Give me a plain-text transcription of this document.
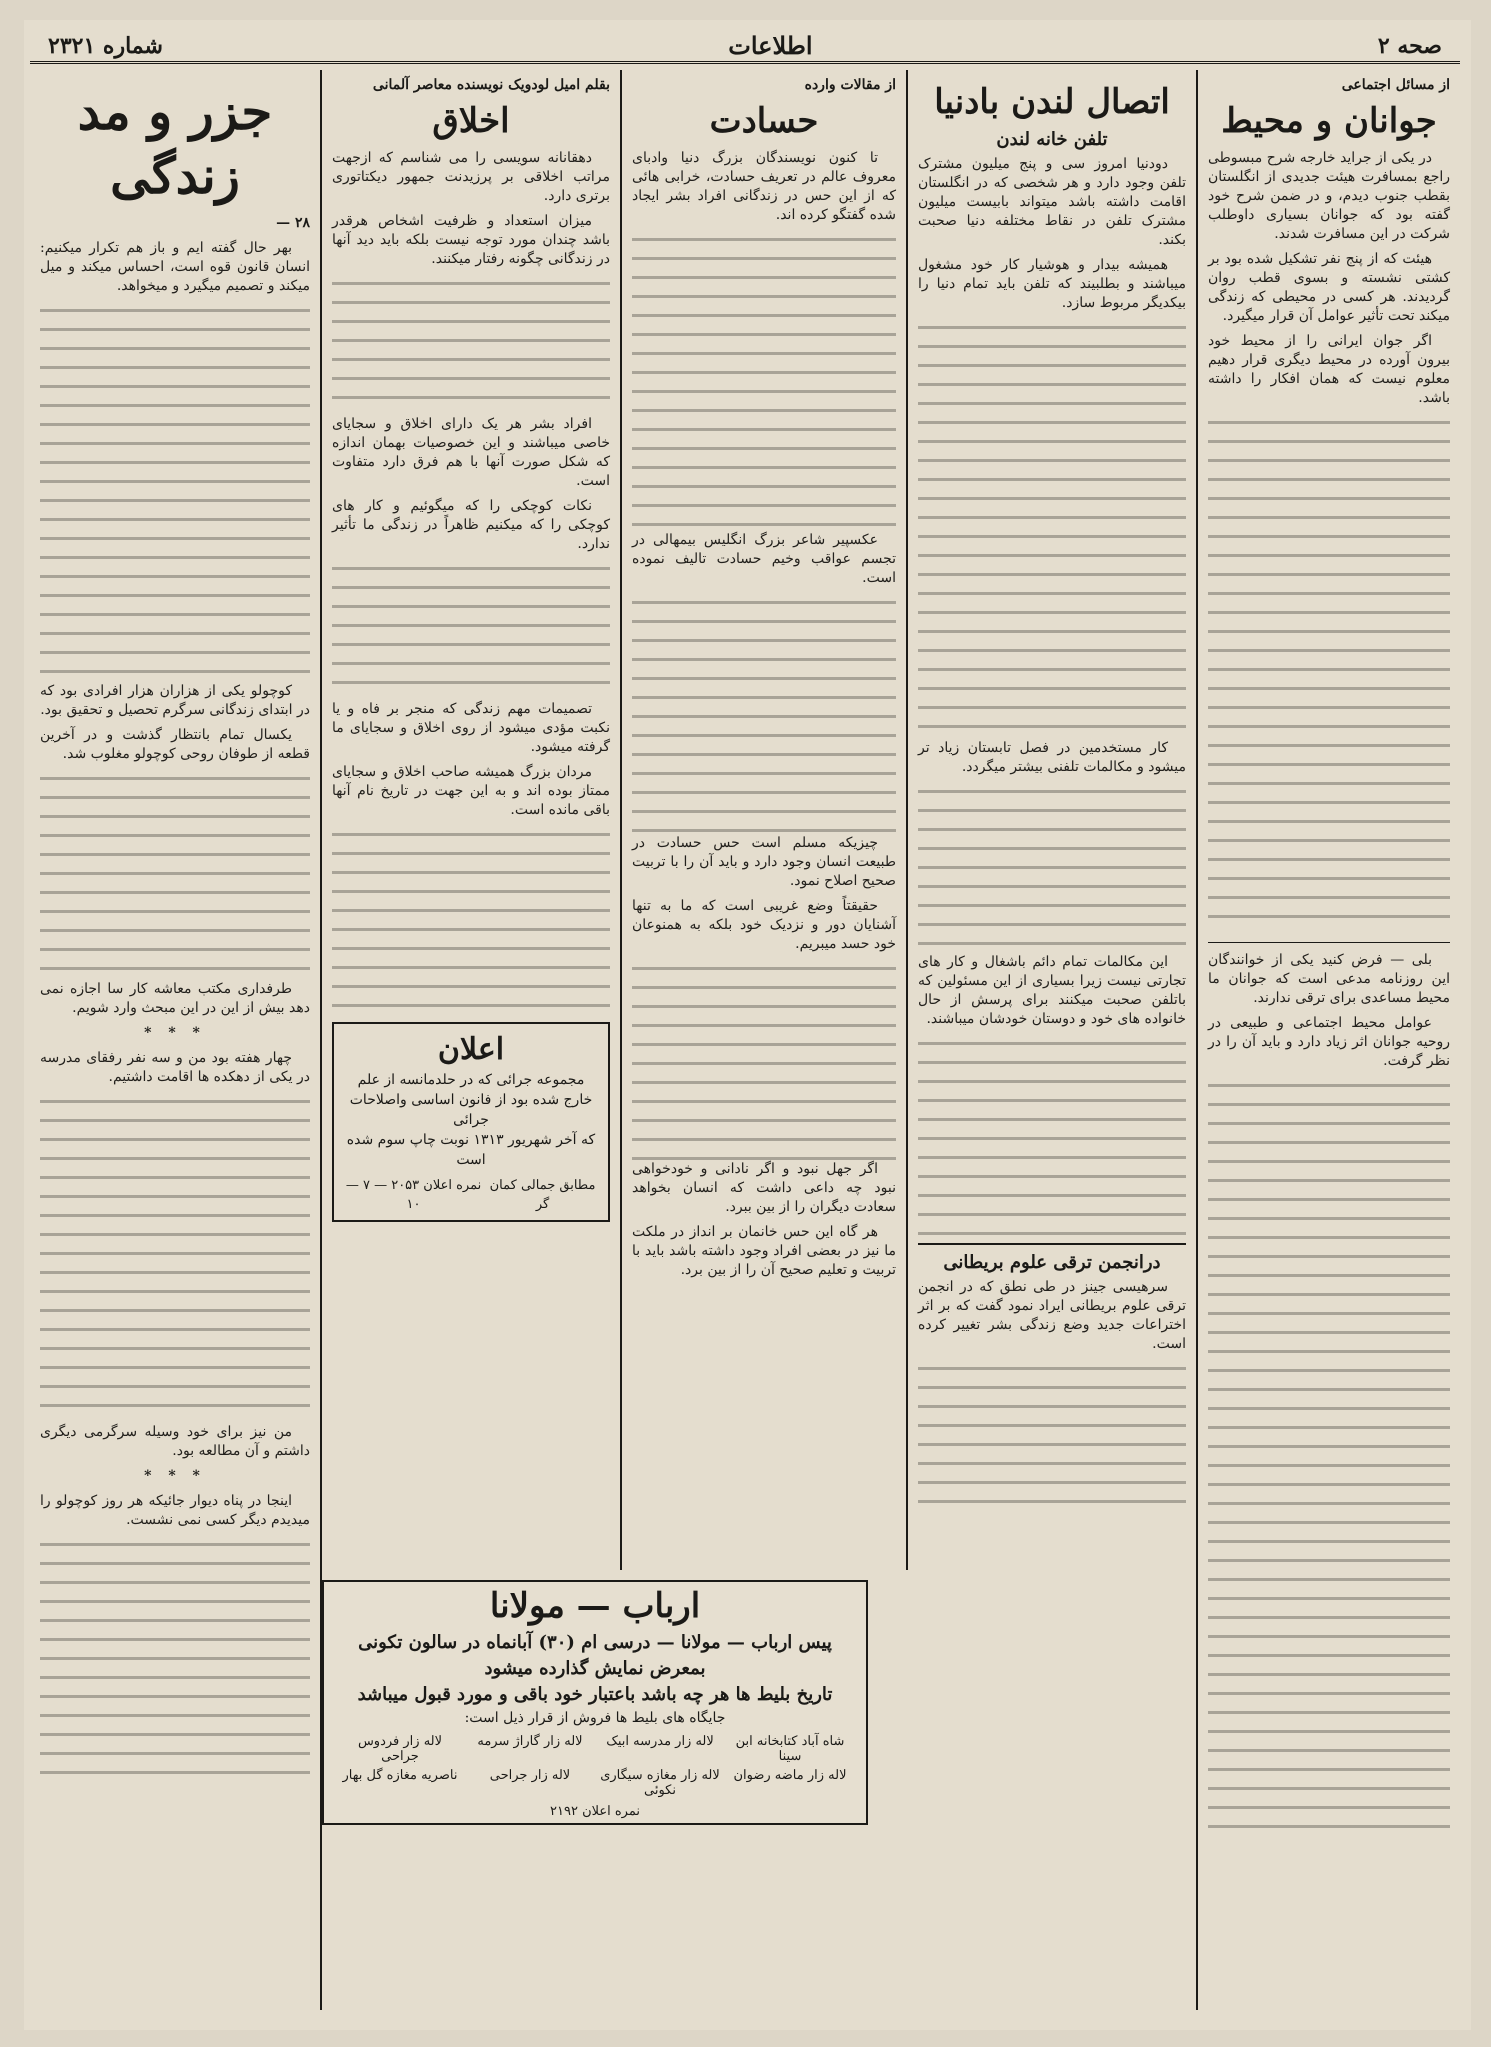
صحه ۲
اطلاعات
شماره ۲۳۲۱
از مسائل اجتماعی
جوانان و محیط

در یکی از جراید خارجه شرح مبسوطی راجع بمسافرت هیئت جدیدی از انگلستان بقطب جنوب دیدم، و در ضمن شرح خود گفته بود که جوانان بسیاری داوطلب شرکت در این مسافرت شدند.

هیئت که از پنج نفر تشکیل شده بود بر کشتی نشسته و بسوی قطب روان گردیدند. هر کسی در محیطی که زندگی میکند تحت تأثیر عوامل آن قرار میگیرد.

اگر جوان ایرانی را از محیط خود بیرون آورده در محیط دیگری قرار دهیم معلوم نیست که همان افکار را داشته باشد.

بلی — فرض کنید یکی از خوانندگان این روزنامه مدعی است که جوانان ما محیط مساعدی برای ترقی ندارند.

عوامل محیط اجتماعی و طبیعی در روحیه جوانان اثر زیاد دارد و باید آن را در نظر گرفت.

اتصال لندن بادنیا
تلفن خانه لندن

دودنیا امروز سی و پنج میلیون مشترک تلفن وجود دارد و هر شخصی که در انگلستان اقامت داشته باشد میتواند بابیست میلیون مشترک تلفن در نقاط مختلفه دنیا صحبت بکند.

همیشه بیدار و هوشیار کار خود مشغول میباشند و بطلبیند که تلفن باید تمام دنیا را بیکدیگر مربوط سازد.

کار مستخدمین در فصل تابستان زیاد تر میشود و مکالمات تلفنی بیشتر میگردد.

این مکالمات تمام دائم باشغال و کار های تجارتی نیست زیرا بسیاری از این مسئولین که باتلفن صحبت میکنند برای پرسش از حال خانواده های خود و دوستان خودشان میباشند.

درانجمن ترقی علوم بریطانی

سرهیسی جینز در طی نطق که در انجمن ترقی علوم بریطانی ایراد نمود گفت که بر اثر اختراعات جدید وضع زندگی بشر تغییر کرده است.

از مقالات وارده
حسادت

تا کنون نویسندگان بزرگ دنیا وادبای معروف عالم در تعریف حسادت، خرابی هائی که از این حس در زندگانی افراد بشر ایجاد شده گفتگو کرده اند.

عکسپیر شاعر بزرگ انگلیس بیمهالی در تجسم عواقب وخیم حسادت تالیف نموده است.

چیزیکه مسلم است حس حسادت در طبیعت انسان وجود دارد و باید آن را با تربیت صحیح اصلاح نمود.

حقیقتاً وضع غریبی است که ما به تنها آشنایان دور و نزدیک خود بلکه به همنوعان خود حسد میبریم.

اگر جهل نبود و اگر نادانی و خودخواهی نبود چه داعی داشت که انسان بخواهد سعادت دیگران را از بین ببرد.

هر گاه این حس خانمان بر انداز در ملکت ما نیز در بعضی افراد وجود داشته باشد باید با تربیت و تعلیم صحیح آن را از بین برد.

بقلم امیل لودویک نویسنده معاصر آلمانی
اخلاق

دهقانانه سویسی را می شناسم که ازجهت مراتب اخلاقی بر پرزیدنت جمهور دیکتاتوری برتری دارد.

میزان استعداد و ظرفیت اشخاص هرقدر باشد چندان مورد توجه نیست بلکه باید دید آنها در زندگانی چگونه رفتار میکنند.

افراد بشر هر یک دارای اخلاق و سجایای خاصی میباشند و این خصوصیات بهمان اندازه که شکل صورت آنها با هم فرق دارد متفاوت است.

نکات کوچکی را که میگوئیم و کار های کوچکی را که میکنیم ظاهراً در زندگی ما تأثیر ندارد.

تصمیمات مهم زندگی که منجر بر فاه و یا نکبت مؤدی میشود از روی اخلاق و سجایای ما گرفته میشود.

مردان بزرگ همیشه صاحب اخلاق و سجایای ممتاز بوده اند و به این جهت در تاریخ نام آنها باقی مانده است.

اعلان
مجموعه جرائی که در حلدمانسه از علم خارج شده بود از فانون اساسی واصلاحات جرائی
که آخر شهریور ۱۳۱۳ نوبت چاپ سوم شده است
مطابق جمالی کمان گر
نمره اعلان ۲۰۵۳ — ۷ — ۱۰
جزر و مد زندگی
۲۸ —

بهر حال گفته ایم و باز هم تکرار میکنیم: انسان قانون قوه است، احساس میکند و میل میکند و تصمیم میگیرد و میخواهد.

کوچولو یکی از هزاران هزار افرادی بود که در ابتدای زندگانی سرگرم تحصیل و تحقیق بود.

یکسال تمام بانتظار گذشت و در آخرین قطعه از طوفان روحی کوچولو مغلوب شد.

طرفداری مکتب معاشه کار سا اجازه نمی دهد بیش از این در این مبحث وارد شویم.

* * *

چهار هفته بود من و سه نفر رفقای مدرسه در یکی از دهکده ها اقامت داشتیم.

من نیز برای خود وسیله سرگرمی دیگری داشتم و آن مطالعه بود.

* * *

اینجا در پناه دیوار جائیکه هر روز کوچولو را میدیدم دیگر کسی نمی نشست.

ارباب — مولانا
پیس ارباب — مولانا — درسی ام (۳۰) آبانماه در سالون تکونی
بمعرض نمایش گذارده میشود
تاریخ بلیط ها هر چه باشد باعتبار خود باقی و مورد قبول میباشد
جایگاه های بلیط ها فروش از قرار ذیل است:
شاه آباد کتابخانه ابن سینا
لاله زار مدرسه ابیک
لاله زار گاراژ سرمه
لاله زار فردوس جراحی
لاله زار ماضه رضوان
لاله زار مغازه سیگاری نکوئی
لاله زار جراحی
ناصریه مغازه گل بهار
نمره اعلان ۲۱۹۲
